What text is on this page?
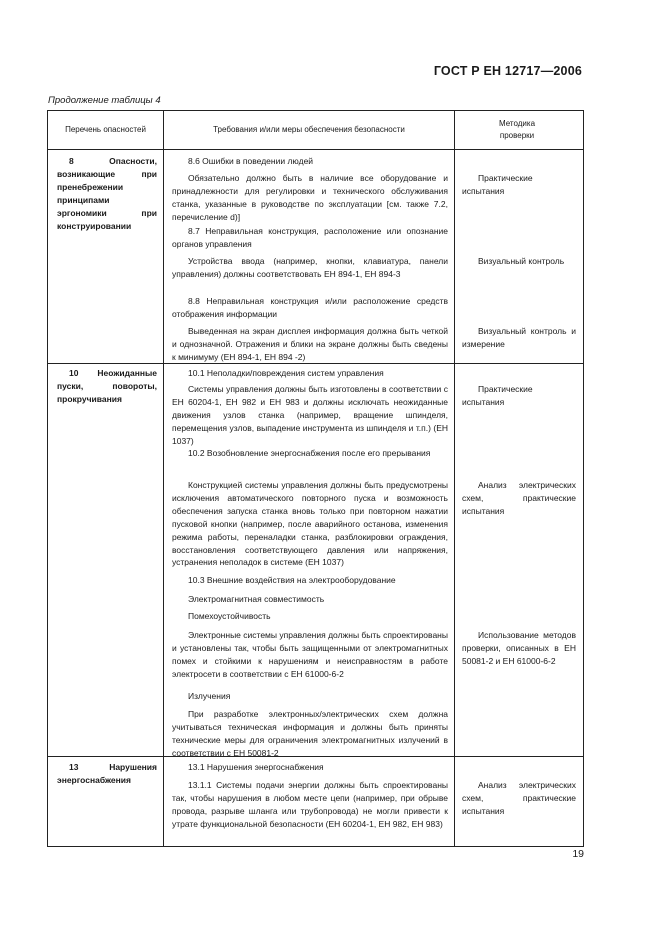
ГОСТ Р ЕН 12717—2006
Продолжение таблицы 4
Перечень опасностей	Требования и/или меры обеспечения безопасности
Методика проверки
8 Опасности, возникающие при пренебрежении принципами эргономики при конструировании
8.6 Ошибки в поведении людей
Обязательно должно быть в наличие все оборудование и принадлежности для регулировки и технического обслуживания станка, указанные в руководстве по эксплуатации [см. также 7.2, перечисление d)]
8.7 Неправильная конструкция, расположение или опознание органов управления
Устройства ввода (например, кнопки, клавиатура, панели управления) должны соответствовать ЕН 894-1, ЕН 894-3
8.8 Неправильная конструкция и/или расположение средств отображения информации
Выведенная на экран дисплея информация должна быть четкой и однозначной. Отражения и блики на экране должны быть сведены к минимуму (ЕН 894-1, ЕН 894 -2)
Практические испытания
Визуальный контроль
Визуальный контроль и измерение
10 Неожиданные пуски, повороты, прокручивания
10.1 Неполадки/повреждения систем управления
Системы управления должны быть изготовлены в соответствии с ЕН 60204-1, ЕН 982 и ЕН 983 и должны исключать неожиданные движения узлов станка (например, вращение шпинделя, перемещения узлов, выпадение инструмента из шпинделя и т.п.) (ЕН 1037)
10.2 Возобновление энергоснабжения после его прерывания
Конструкцией системы управления должны быть предусмотрены исключения автоматического повторного пуска и возможность обеспечения запуска станка вновь только при повторном нажатии пусковой кнопки (например, после аварийного останова, изменения режима работы, переналадки станка, разблокировки ограждения, восстановления соответствующего давления или напряжения, устранения неполадок в системе (ЕН 1037)
10.3 Внешние воздействия на электрооборудование
Электромагнитная совместимость
Помехоустойчивость
Электронные системы управления должны быть спроектированы и установлены так, чтобы быть защищенными от электромагнитных помех и стойкими к нарушениям и неисправностям в работе электросети в соответствии с ЕН 61000-6-2
Излучения
При разработке электронных/электрических схем должна учитываться техническая информация и должны быть приняты технические меры для ограничения электромагнитных излучений в соответствии с ЕН 50081-2
Практические испытания
Анализ электрических схем, практические испытания
Использование методов проверки, описанных в ЕН 50081-2 и ЕН 61000-6-2
13 Нарушения энергоснабжения
13.1 Нарушения энергоснабжения
13.1.1 Системы подачи энергии должны быть спроектированы так, чтобы нарушения в любом месте цепи (например, при обрыве провода, разрыве шланга или трубопровода) не могли привести к утрате функциональной безопасности (ЕН 60204-1, ЕН 982, ЕН 983)
Анализ электрических схем, практические испытания
19
